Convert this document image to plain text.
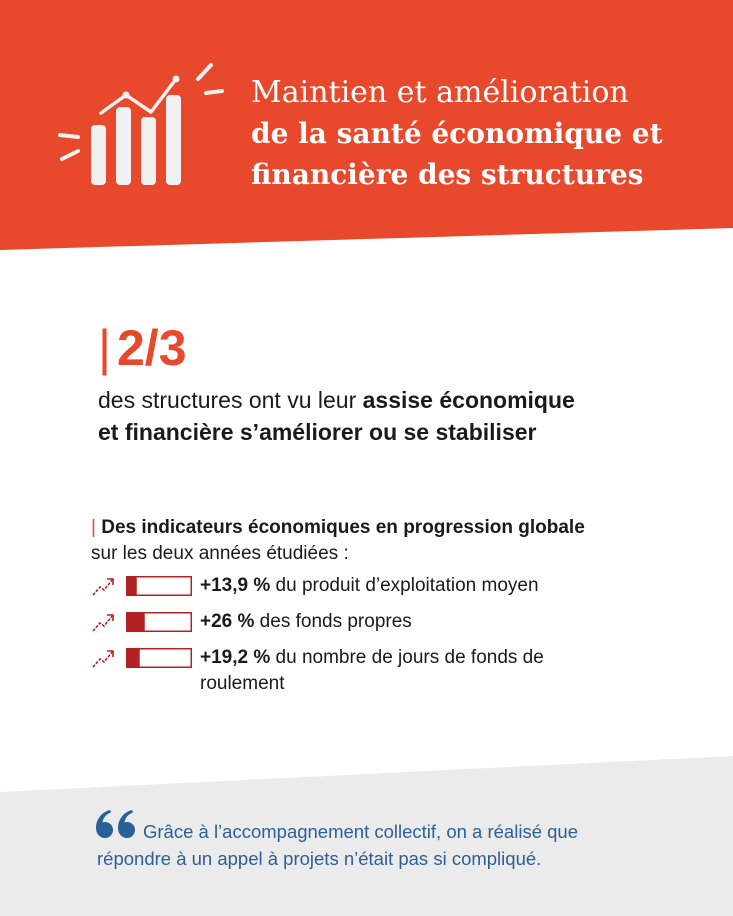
Maintien et amélioration
de la santé économique et
financière des structures
| 2/3
des structures ont vu leur assise économique
et financière s’améliorer ou se stabiliser
| Des indicateurs économiques en progression globale
sur les deux années étudiées :
+13,9 % du produit d’exploitation moyen
+26 % des fonds propres
+19,2 % du nombre de jours de fonds de roulement
Grâce à l’accompagnement collectif, on a réalisé que répondre à un appel à projets n’était pas si compliqué.
